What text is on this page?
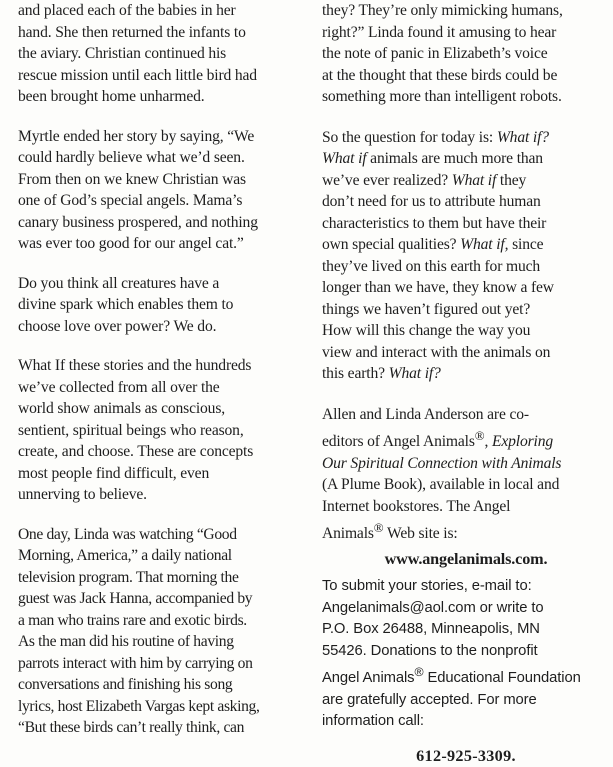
and placed each of the babies in her
hand. She then returned the infants to
the aviary. Christian continued his
rescue mission until each little bird had
been brought home unharmed.

Myrtle ended her story by saying, “We
could hardly believe what we’d seen.
From then on we knew Christian was
one of God’s special angels. Mama’s
canary business prospered, and nothing
was ever too good for our angel cat.”

Do you think all creatures have a
divine spark which enables them to
choose love over power? We do.

What If these stories and the hundreds
we’ve collected from all over the
world show animals as conscious,
sentient, spiritual beings who reason,
create, and choose. These are concepts
most people find difficult, even
unnerving to believe.

One day, Linda was watching “Good
Morning, America,” a daily national
television program. That morning the
guest was Jack Hanna, accompanied by
a man who trains rare and exotic birds.
As the man did his routine of having
parrots interact with him by carrying on
conversations and finishing his song
lyrics, host Elizabeth Vargas kept asking,
“But these birds can’t really think, can

they? They’re only mimicking humans,
right?” Linda found it amusing to hear
the note of panic in Elizabeth’s voice
at the thought that these birds could be
something more than intelligent robots.

So the question for today is: What if?
What if animals are much more than
we’ve ever realized? What if they
don’t need for us to attribute human
characteristics to them but have their
own special qualities? What if, since
they’ve lived on this earth for much
longer than we have, they know a few
things we haven’t figured out yet?
How will this change the way you
view and interact with the animals on
this earth? What if?

Allen and Linda Anderson are co-
editors of Angel Animals®, Exploring
Our Spiritual Connection with Animals
(A Plume Book), available in local and
Internet bookstores. The Angel
Animals® Web site is:

www.angelanimals.com.

To submit your stories, e-mail to:
Angelanimals@aol.com or write to
P.O. Box 26488, Minneapolis, MN
55426. Donations to the nonprofit
Angel Animals® Educational Foundation
are gratefully accepted. For more
information call:

612-925-3309.
